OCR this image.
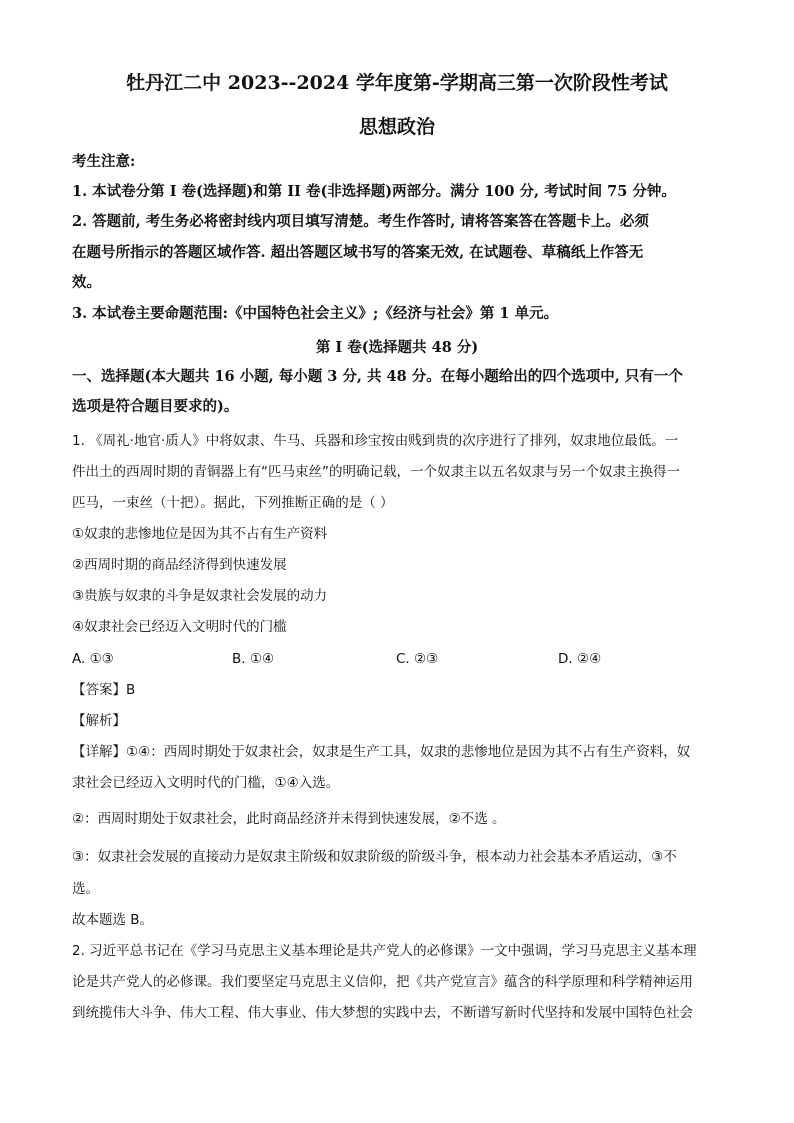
牡丹江二中 2023--2024 学年度第-学期高三第一次阶段性考试
思想政治
考生注意:
1. 本试卷分第 I 卷(选择题)和第 II 卷(非选择题)两部分。满分 100 分, 考试时间 75 分钟。
2. 答题前, 考生务必将密封线内项目填写清楚。考生作答时, 请将答案答在答题卡上。必须
在题号所指示的答题区域作答. 超出答题区域书写的答案无效, 在试题卷、草稿纸上作答无
效。
3. 本试卷主要命题范围:《中国特色社会主义》;《经济与社会》第 1 单元。
第 I 卷(选择题共 48 分)
一、选择题(本大题共 16 小题, 每小题 3 分, 共 48 分。在每小题给出的四个选项中, 只有一个
选项是符合题目要求的)。
1. 《周礼·地官·质人》中将奴隶、牛马、兵器和珍宝按由贱到贵的次序进行了排列，奴隶地位最低。一
件出土的西周时期的青铜器上有“匹马束丝”的明确记载，一个奴隶主以五名奴隶与另一个奴隶主换得一
匹马，一束丝（十把）。据此，下列推断正确的是（ ）
①奴隶的悲惨地位是因为其不占有生产资料
②西周时期的商品经济得到快速发展
③贵族与奴隶的斗争是奴隶社会发展的动力
④奴隶社会已经迈入文明时代的门槛
A. ①③	B. ①④	C. ②③	D. ②④
【答案】B
【解析】
【详解】①④：西周时期处于奴隶社会，奴隶是生产工具，奴隶的悲惨地位是因为其不占有生产资料，奴
隶社会已经迈入文明时代的门槛，①④入选。
②：西周时期处于奴隶社会，此时商品经济并未得到快速发展，②不选 。
③：奴隶社会发展的直接动力是奴隶主阶级和奴隶阶级的阶级斗争，根本动力社会基本矛盾运动，③不
选。
故本题选 B。
2. 习近平总书记在《学习马克思主义基本理论是共产党人的必修课》一文中强调，学习马克思主义基本理
论是共产党人的必修课。我们要坚定马克思主义信仰，把《共产党宣言》蕴含的科学原理和科学精神运用
到统揽伟大斗争、伟大工程、伟大事业、伟大梦想的实践中去，不断谱写新时代坚持和发展中国特色社会
